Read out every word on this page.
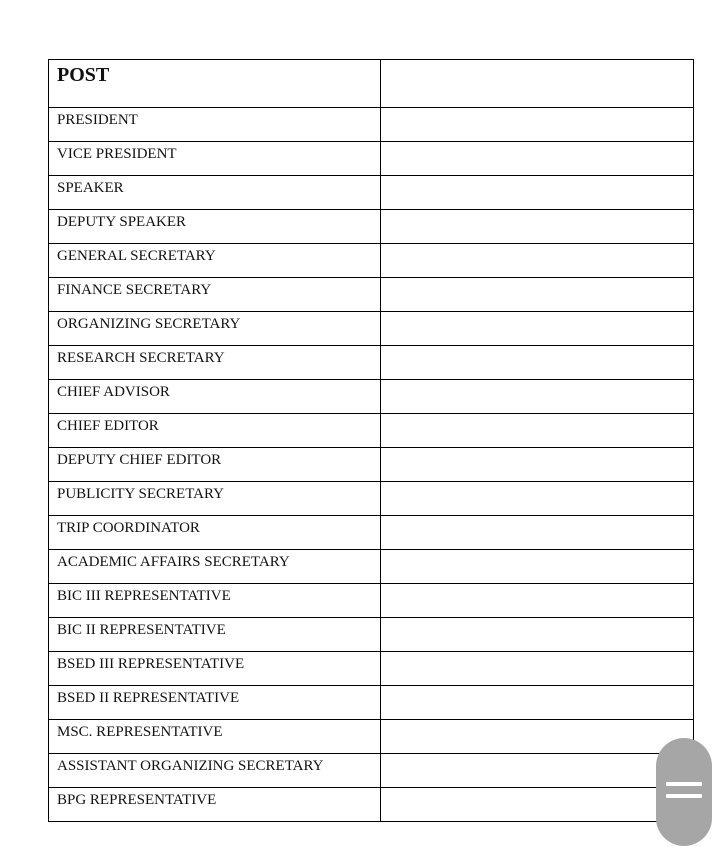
POST	
PRESIDENT	
VICE PRESIDENT	
SPEAKER	
DEPUTY SPEAKER	
GENERAL SECRETARY	
FINANCE SECRETARY	
ORGANIZING SECRETARY	
RESEARCH SECRETARY	
CHIEF ADVISOR	
CHIEF EDITOR	
DEPUTY CHIEF EDITOR	
PUBLICITY SECRETARY	
TRIP COORDINATOR	
ACADEMIC AFFAIRS SECRETARY	
BIC III REPRESENTATIVE	
BIC II REPRESENTATIVE	
BSED III REPRESENTATIVE	
BSED II REPRESENTATIVE	
MSC. REPRESENTATIVE	
ASSISTANT ORGANIZING SECRETARY	
BPG REPRESENTATIVE	
